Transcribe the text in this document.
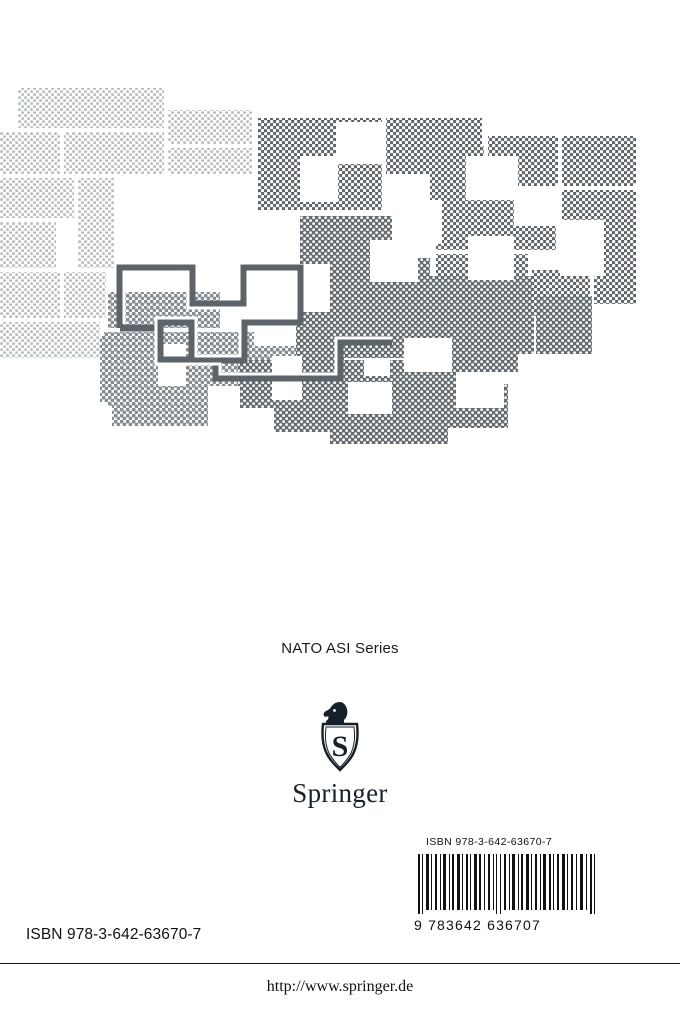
NATO ASI Series
S
Springer
ISBN 978-3-642-63670-7
9 783642 636707
ISBN 978-3-642-63670-7
http://www.springer.de
